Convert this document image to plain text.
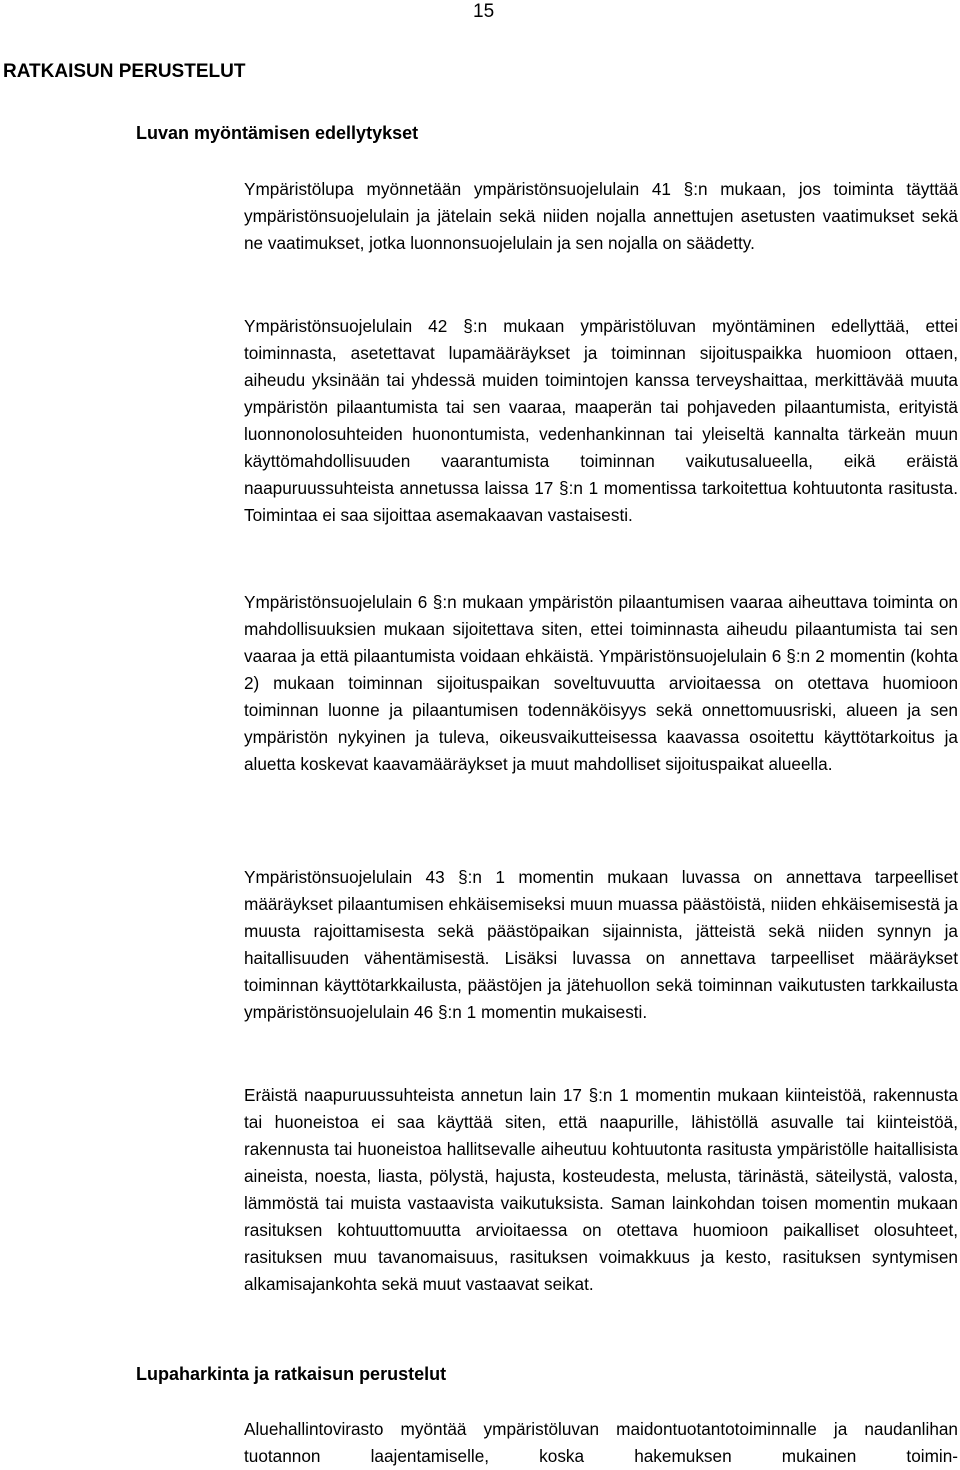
15
RATKAISUN PERUSTELUT
Luvan myöntämisen edellytykset

Ympäristölupa myönnetään ympäristönsuojelulain 41 §:n mukaan, jos toiminta täyttää ympäristönsuojelulain ja jätelain sekä niiden nojalla annettujen asetusten vaatimukset sekä ne vaatimukset, jotka luonnonsuojelulain ja sen nojalla on säädetty.

Ympäristönsuojelulain 42 §:n mukaan ympäristöluvan myöntäminen edellyttää, ettei toiminnasta, asetettavat lupamääräykset ja toiminnan sijoituspaikka huomioon ottaen, aiheudu yksinään tai yhdessä muiden toimintojen kanssa terveyshaittaa, merkittävää muuta ympäristön pilaantumista tai sen vaaraa, maaperän tai pohjaveden pilaantumista, erityistä luonnonolosuhteiden huonontumista, vedenhankinnan tai yleiseltä kannalta tärkeän muun käyttömahdollisuuden vaarantumista toiminnan vaikutusalueella, eikä eräistä naapuruussuhteista annetussa laissa 17 §:n 1 momentissa tarkoitettua kohtuutonta rasitusta. Toimintaa ei saa sijoittaa asemakaavan vastaisesti.

Ympäristönsuojelulain 6 §:n mukaan ympäristön pilaantumisen vaaraa aiheuttava toiminta on mahdollisuuksien mukaan sijoitettava siten, ettei toiminnasta aiheudu pilaantumista tai sen vaaraa ja että pilaantumista voidaan ehkäistä. Ympäristönsuojelulain 6 §:n 2 momentin (kohta 2) mukaan toiminnan sijoituspaikan soveltuvuutta arvioitaessa on otettava huomioon toiminnan luonne ja pilaantumisen todennäköisyys sekä onnettomuusriski, alueen ja sen ympäristön nykyinen ja tuleva, oikeusvaikutteisessa kaavassa osoitettu käyttötarkoitus ja aluetta koskevat kaavamääräykset ja muut mahdolliset sijoituspaikat alueella.

Ympäristönsuojelulain 43 §:n 1 momentin mukaan luvassa on annettava tarpeelliset määräykset pilaantumisen ehkäisemiseksi muun muassa päästöistä, niiden ehkäisemisestä ja muusta rajoittamisesta sekä päästöpaikan sijainnista, jätteistä sekä niiden synnyn ja haitallisuuden vähentämisestä. Lisäksi luvassa on annettava tarpeelliset määräykset toiminnan käyttötarkkailusta, päästöjen ja jätehuollon sekä toiminnan vaikutusten tarkkailusta ympäristönsuojelulain 46 §:n 1 momentin mukaisesti.

Eräistä naapuruussuhteista annetun lain 17 §:n 1 momentin mukaan kiinteistöä, rakennusta tai huoneistoa ei saa käyttää siten, että naapurille, lähistöllä asuvalle tai kiinteistöä, rakennusta tai huoneistoa hallitsevalle aiheutuu kohtuutonta rasitusta ympäristölle haitallisista aineista, noesta, liasta, pölystä, hajusta, kosteudesta, melusta, tärinästä, säteilystä, valosta, lämmöstä tai muista vastaavista vaikutuksista. Saman lainkohdan toisen momentin mukaan rasituksen kohtuuttomuutta arvioitaessa on otettava huomioon paikalliset olosuhteet, rasituksen muu tavanomaisuus, rasituksen voimakkuus ja kesto, rasituksen syntymisen alkamisajankohta sekä muut vastaavat seikat.

Lupaharkinta ja ratkaisun perustelut

Aluehallintovirasto myöntää ympäristöluvan maidontuotantotoiminnalle ja naudanlihan tuotannon laajentamiselle, koska hakemuksen mukainen toimin-
